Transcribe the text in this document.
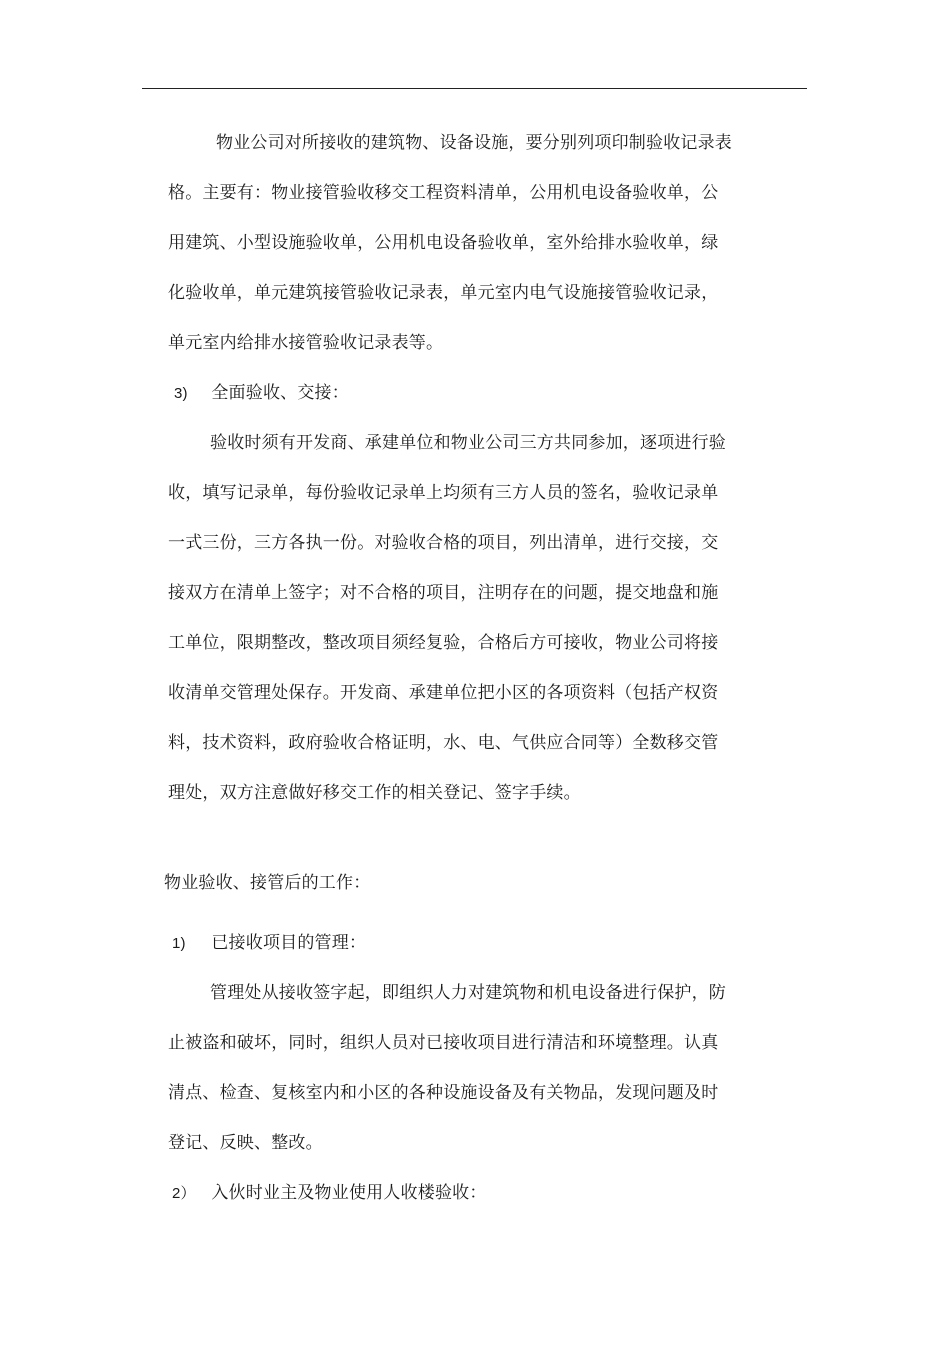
物业公司对所接收的建筑物、设备设施，要分别列项印制验收记录表
格。主要有：物业接管验收移交工程资料清单，公用机电设备验收单，公
用建筑、小型设施验收单，公用机电设备验收单，室外给排水验收单，绿
化验收单，单元建筑接管验收记录表，单元室内电气设施接管验收记录，
单元室内给排水接管验收记录表等。
3) 全面验收、交接：
验收时须有开发商、承建单位和物业公司三方共同参加，逐项进行验
收，填写记录单，每份验收记录单上均须有三方人员的签名，验收记录单
一式三份，三方各执一份。对验收合格的项目，列出清单，进行交接，交
接双方在清单上签字；对不合格的项目，注明存在的问题，提交地盘和施
工单位，限期整改，整改项目须经复验，合格后方可接收，物业公司将接
收清单交管理处保存。开发商、承建单位把小区的各项资料（包括产权资
料，技术资料，政府验收合格证明，水、电、气供应合同等）全数移交管
理处，双方注意做好移交工作的相关登记、签字手续。
物业验收、接管后的工作：
1) 已接收项目的管理：
管理处从接收签字起，即组织人力对建筑物和机电设备进行保护，防
止被盗和破坏，同时，组织人员对已接收项目进行清洁和环境整理。认真
清点、检查、复核室内和小区的各种设施设备及有关物品，发现问题及时
登记、反映、整改。
2） 入伙时业主及物业使用人收楼验收：
